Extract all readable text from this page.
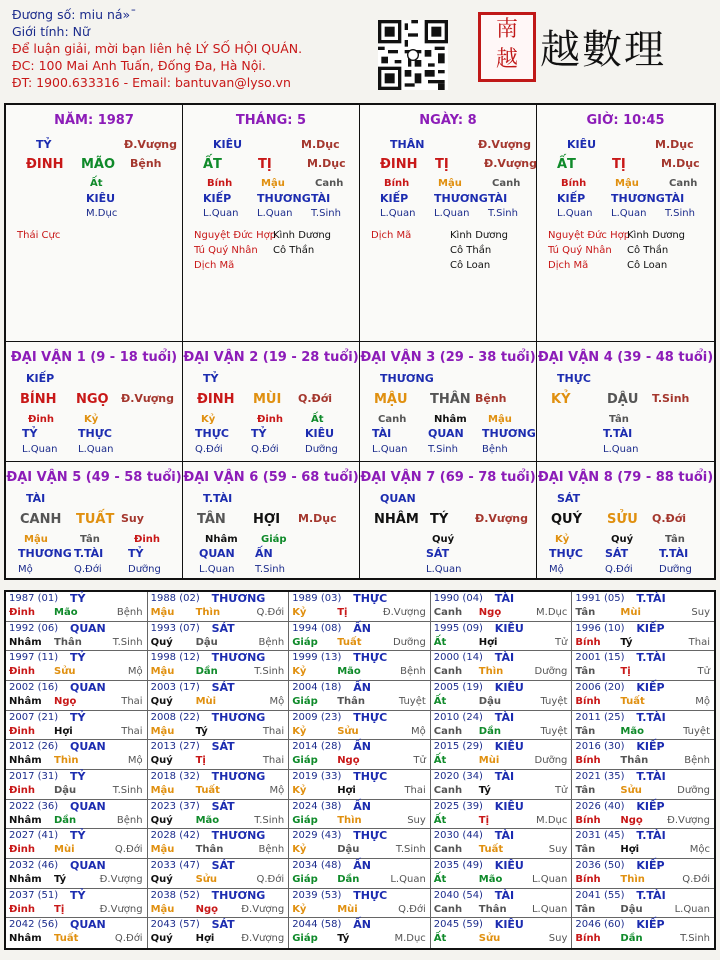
Đương số: miu ná»¯
Giới tính: Nữ
Để luận giải, mời bạn liên hệ LÝ SỐ HỘI QUÁN.
ĐC: 100 Mai Anh Tuấn, Đống Đa, Hà Nội.
ĐT: 1900.633316 - Email: bantuvan@lyso.vn
南
越 越數理
NĂM: 1987
TỶ	Đ.Vượng
ĐINH MÃO Bệnh
Ất
KIÊU
M.Dục
Thái Cực
THÁNG: 5
KIÊU	M.Dục
ẤT	TỊ	M.Dục
Bính
KIẾP
L.Quan
Mậu
THƯƠNG
L.Quan
Canh
TÀI
T.Sinh
Nguyệt Đức Hợp
Tú Quý Nhân
Dịch Mã
Kình Dương
Cô Thần
NGÀY: 8
THÂN	Đ.Vượng
ĐINH TỊ	Đ.Vượng
Bính
KIẾP
L.Quan
Mậu
THƯƠNG
L.Quan
Canh
TÀI
T.Sinh
Dịch Mã	Kình Dương
Cô Thần
Cô Loan
GIỜ: 10:45
KIÊU	M.Dục
ẤT	TỊ	M.Dục
Bính
KIẾP
L.Quan
Mậu
THƯƠNG
L.Quan
Canh
TÀI
T.Sinh
Nguyệt Đức Hợp
Tú Quý Nhân
Dịch Mã
Kình Dương
Cô Thần
Cô Loan
ĐẠI VẬN 1 (9 - 18 tuổi)
KIẾP
BÍNH NGỌ Đ.Vượng
Đinh
TỶ
L.Quan
Kỷ
THỰC
L.Quan
ĐẠI VẬN 2 (19 - 28 tuổi)
TỶ
ĐINH MÙI Q.Đới
Kỷ
THỰC
Q.Đới
Đinh
TỶ
Q.Đới
Ất
KIÊU
Dưỡng
ĐẠI VẬN 3 (29 - 38 tuổi)
THƯƠNG
MẬU THÂN Bệnh
Canh
TÀI
L.Quan
Nhâm
QUAN
T.Sinh
Mậu
THƯƠNG
Bệnh
ĐẠI VẬN 4 (39 - 48 tuổi)
THỰC
KỶ	DẬU T.Sinh
Tân
T.TÀI
L.Quan
ĐẠI VẬN 5 (49 - 58 tuổi)
TÀI
CANH TUẤT Suy
Mậu
THƯƠNG
Mộ
Tân
T.TÀI
Q.Đới
Đinh
TỶ
Dưỡng
ĐẠI VẬN 6 (59 - 68 tuổi)
T.TÀI
TÂN HỢI M.Dục
Nhâm
QUAN
L.Quan
Giáp
ẤN
T.Sinh
ĐẠI VẬN 7 (69 - 78 tuổi)
QUAN
NHÂM TÝ Đ.Vượng
Quý
SÁT
L.Quan
ĐẠI VẬN 8 (79 - 88 tuổi)
SÁT
QUÝ SỬU Q.Đới
Kỷ
THỰC
Mộ
Quý
SÁT
Q.Đới
Tân
T.TÀI
Dưỡng
1987 (01) TỶ
Đinh Mão	Bệnh
1988 (02) THƯƠNG
Mậu Thìn	Q.Đới
1989 (03) THỰC
Kỷ	Tị	Đ.Vượng
1990 (04) TÀI
Canh Ngọ	M.Dục
1991 (05) T.TÀI
Tân	Mùi	Suy
1992 (06) QUAN
Nhâm Thân	T.Sinh
1993 (07) SÁT
Quý Dậu	Bệnh
1994 (08) ẤN
Giáp Tuất	Dưỡng
1995 (09) KIÊU
Ất	Hợi	Tử
1996 (10) KIẾP
Bính Tý	Thai
1997 (11) TỶ
Đinh Sửu	Mộ
1998 (12) THƯƠNG
Mậu Dần	T.Sinh
1999 (13) THỰC
Kỷ	Mão	Bệnh
2000 (14) TÀI
Canh Thìn	Dưỡng
2001 (15) T.TÀI
Tân	Tị	Tử
2002 (16) QUAN
Nhâm Ngọ	Thai
2003 (17) SÁT
Quý Mùi	Mộ
2004 (18) ẤN
Giáp Thân	Tuyệt
2005 (19) KIÊU
Ất	Dậu	Tuyệt
2006 (20) KIẾP
Bính Tuất	Mộ
2007 (21) TỶ
Đinh Hợi	Thai
2008 (22) THƯƠNG
Mậu Tý	Thai
2009 (23) THỰC
Kỷ	Sửu	Mộ
2010 (24) TÀI
Canh Dần	Tuyệt
2011 (25) T.TÀI
Tân	Mão	Tuyệt
2012 (26) QUAN
Nhâm Thìn	Mộ
2013 (27) SÁT
Quý Tị	Thai
2014 (28) ẤN
Giáp Ngọ	Tử
2015 (29) KIÊU
Ất	Mùi	Dưỡng
2016 (30) KIẾP
Bính Thân	Bệnh
2017 (31) TỶ
Đinh Dậu	T.Sinh
2018 (32) THƯƠNG
Mậu Tuất	Mộ
2019 (33) THỰC
Kỷ	Hợi	Thai
2020 (34) TÀI
Canh Tý	Tử
2021 (35) T.TÀI
Tân	Sửu	Dưỡng
2022 (36) QUAN
Nhâm Dần	Bệnh
2023 (37) SÁT
Quý Mão	T.Sinh
2024 (38) ẤN
Giáp Thìn	Suy
2025 (39) KIÊU
Ất	Tị	M.Dục
2026 (40) KIẾP
Bính Ngọ Đ.Vượng
2027 (41) TỶ
Đinh Mùi	Q.Đới
2028 (42) THƯƠNG
Mậu Thân	Bệnh
2029 (43) THỰC
Kỷ	Dậu	T.Sinh
2030 (44) TÀI
Canh Tuất	Suy
2031 (45) T.TÀI
Tân	Hợi	Mộc
2032 (46) QUAN
Nhâm Tý	Đ.Vượng
2033 (47) SÁT
Quý Sửu	Q.Đới
2034 (48) ẤN
Giáp Dần	L.Quan
2035 (49) KIÊU
Ất	Mão	L.Quan
2036 (50) KIẾP
Bính Thìn	Q.Đới
2037 (51) TỶ
Đinh Tị	Đ.Vượng
2038 (52) THƯƠNG
Mậu Ngọ Đ.Vượng
2039 (53) THỰC
Kỷ	Mùi	Q.Đới
2040 (54) TÀI
Canh Thân	L.Quan
2041 (55) T.TÀI
Tân	Dậu	L.Quan
2042 (56) QUAN
Nhâm Tuất	Q.Đới
2043 (57) SÁT
Quý Hợi	Đ.Vượng
2044 (58) ẤN
Giáp Tý	M.Dục
2045 (59) KIÊU
Ất	Sửu	Suy
2046 (60) KIẾP
Bính Dần	T.Sinh
